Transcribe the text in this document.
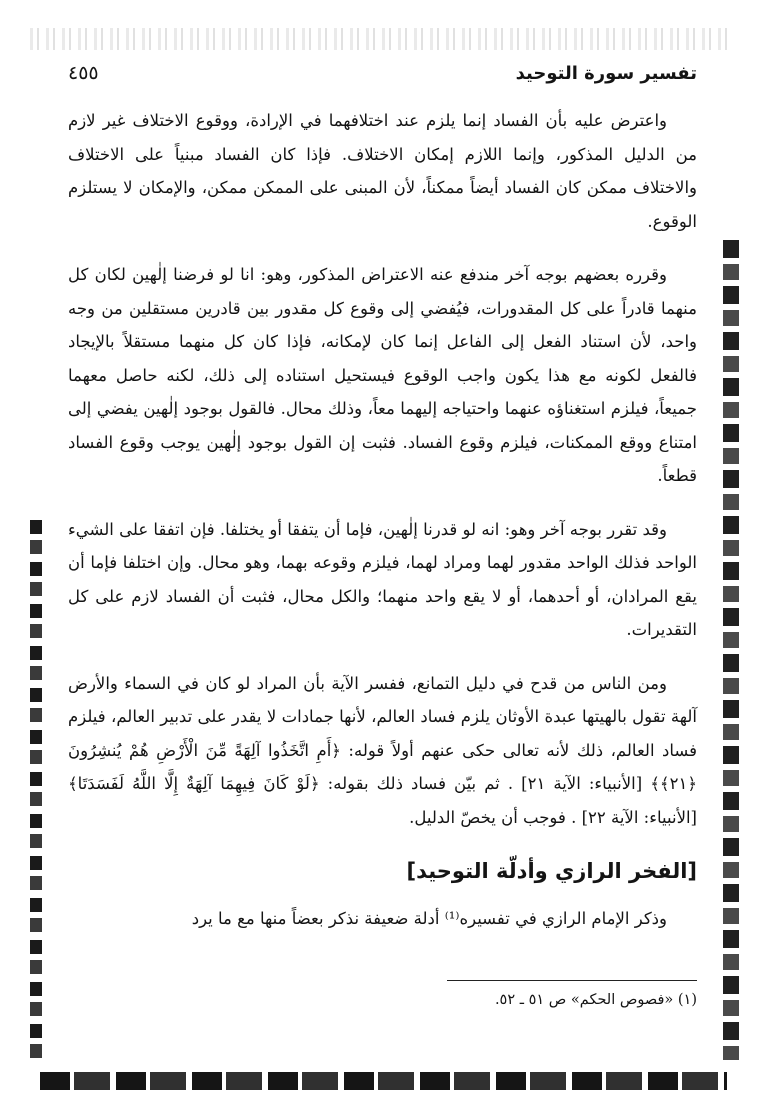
تفسير سورة التوحيد
٤٥٥

واعترض عليه بأن الفساد إنما يلزم عند اختلافهما في الإرادة، ووقوع الاختلاف غير لازم من الدليل المذكور، وإنما اللازم إمكان الاختلاف. فإذا كان الفساد مبنياً على الاختلاف والاختلاف ممكن كان الفساد أيضاً ممكناً، لأن المبنى على الممكن ممكن، والإمكان لا يستلزم الوقوع.

وقرره بعضهم بوجه آخر مندفع عنه الاعتراض المذكور، وهو: انا لو فرضنا إلٰهين لكان كل منهما قادراً على كل المقدورات، فيُفضي إلى وقوع كل مقدور بين قادرين مستقلين من وجه واحد، لأن استناد الفعل إلى الفاعل إنما كان لإمكانه، فإذا كان كل منهما مستقلاً بالإيجاد فالفعل لكونه مع هذا يكون واجب الوقوع فيستحيل استناده إلى ذلك، لكنه حاصل معهما جميعاً، فيلزم استغناؤه عنهما واحتياجه إليهما معاً، وذلك محال. فالقول بوجود إلٰهين يفضي إلى امتناع ووقع الممكنات، فيلزم وقوع الفساد. فثبت إن القول بوجود إلٰهين يوجب وقوع الفساد قطعاً.

وقد تقرر بوجه آخر وهو: انه لو قدرنا إلٰهين، فإما أن يتفقا أو يختلفا. فإن اتفقا على الشيء الواحد فذلك الواحد مقدور لهما ومراد لهما، فيلزم وقوعه بهما، وهو محال. وإن اختلفا فإما أن يقع المرادان، أو أحدهما، أو لا يقع واحد منهما؛ والكل محال، فثبت أن الفساد لازم على كل التقديرات.

ومن الناس من قدح في دليل التمانع، ففسر الآية بأن المراد لو كان في السماء والأرض آلهة تقول بالهيتها عبدة الأوثان يلزم فساد العالم، لأنها جمادات لا يقدر على تدبير العالم، فيلزم فساد العالم، ذلك لأنه تعالى حكى عنهم أولاً قوله: ﴿أَمِ اتَّخَذُوا آلِهَةً مِّنَ الْأَرْضِ هُمْ يُنشِرُونَ ﴿٢١﴾﴾ [الأنبياء: الآية ٢١] . ثم بيّن فساد ذلك بقوله: ﴿لَوْ كَانَ فِيهِمَا آلِهَةٌ إِلَّا اللَّهُ لَفَسَدَتَا﴾ [الأنبياء: الآية ٢٢] . فوجب أن يخصّ الدليل.

[الفخر الرازي وأدلّة التوحيد]

وذكر الإمام الرازي في تفسيره⁽¹⁾ أدلة ضعيفة نذكر بعضاً منها مع ما يرد

(١) «فصوص الحكم» ص ٥١ ـ ٥٢.
